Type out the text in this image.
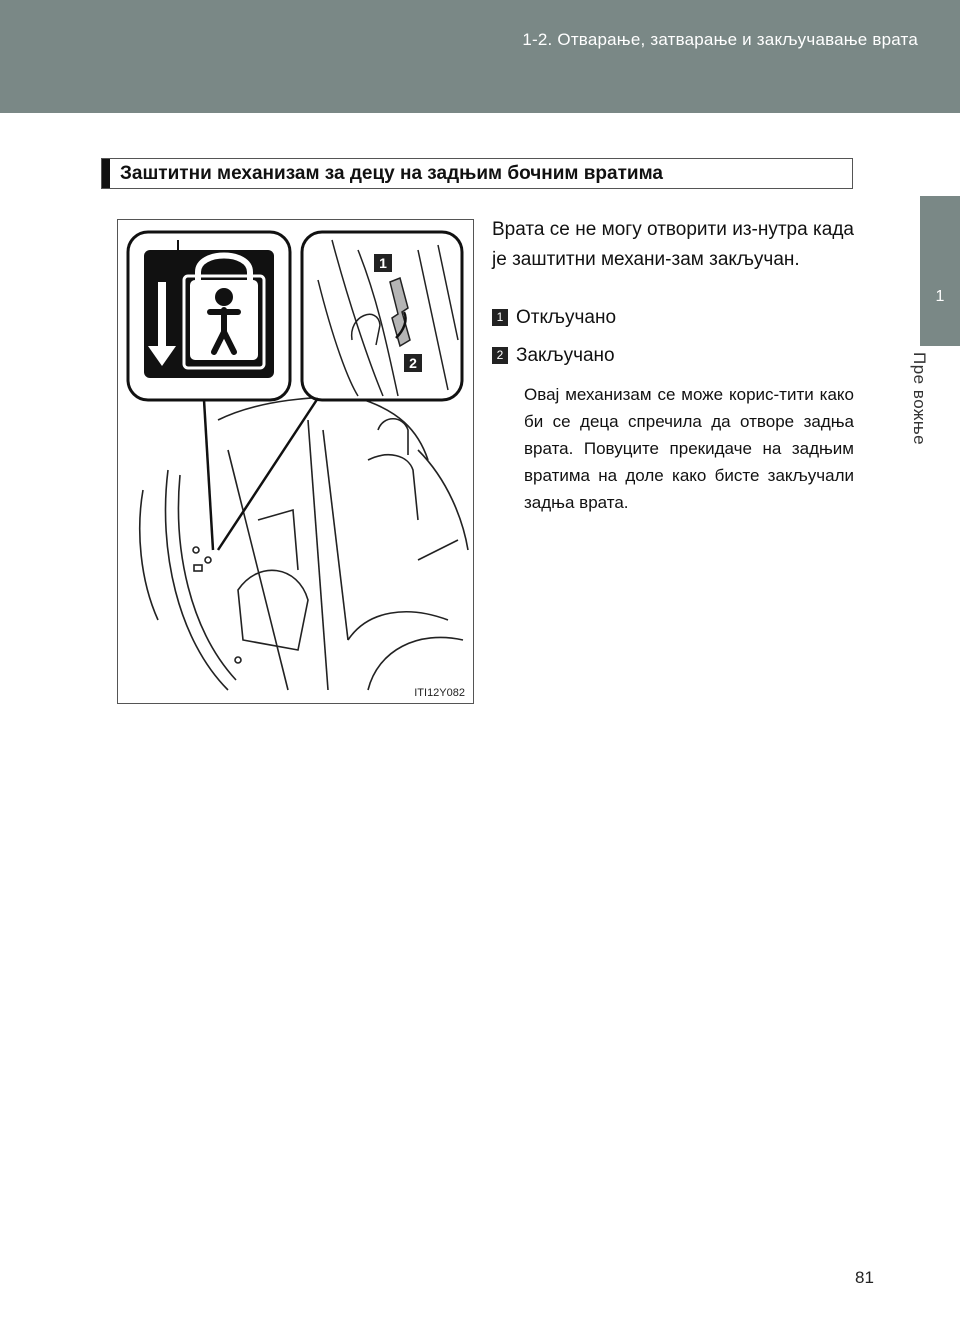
1-2. Отварање, затварање и закључавање врата
1
Пре вожње
Заштитни механизам за децу на задњим бочним вратима
1
2
ITI12Y082
Врата се не могу отворити из-нутра када је заштитни механи-зам закључан.
1 Откључано
2 Закључано
Овај механизам се може корис-тити како би се деца спречила да отворе задња врата. Повуците прекидаче на задњим вратима на доле како бисте закључали задња врата.
81
